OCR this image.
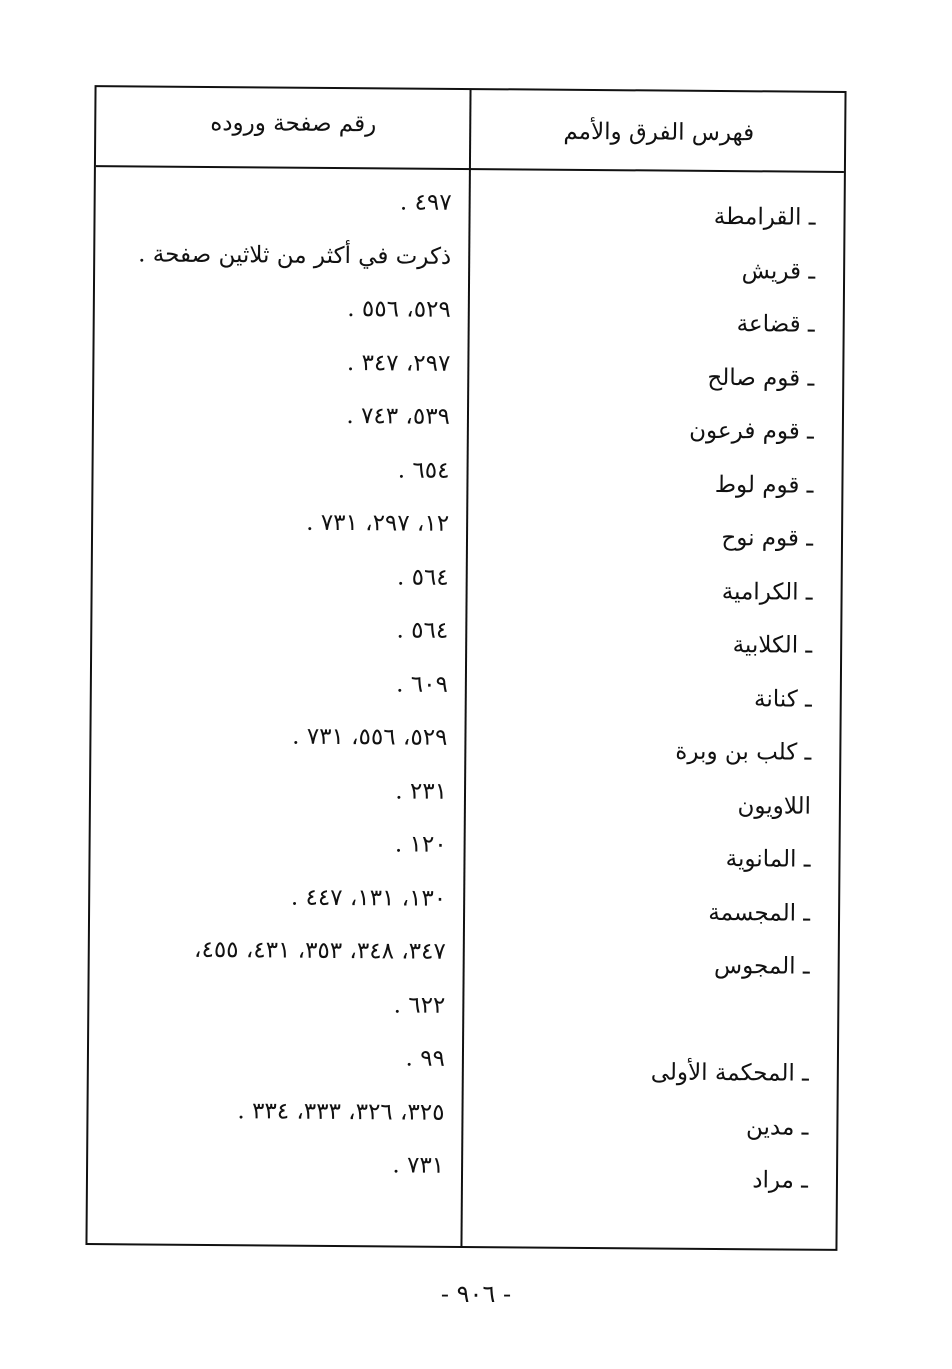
فهرس الفرق والأمم
رقم صفحة وروده
ـ القرامطة
٤٩٧ .
ـ قريش
ذكرت في أكثر من ثلاثين صفحة .
ـ قضاعة
٥٢٩، ٥٥٦ .
ـ قوم صالح
٢٩٧، ٣٤٧ .
ـ قوم فرعون
٥٣٩، ٧٤٣ .
ـ قوم لوط
٦٥٤ .
ـ قوم نوح
١٢، ٢٩٧، ٧٣١ .
ـ الكرامية
٥٦٤ .
ـ الكلابية
٥٦٤ .
ـ كنانة
٦٠٩ .
ـ كلب بن وبرة
٥٢٩، ٥٥٦، ٧٣١ .
اللاويون
٢٣١ .
ـ المانوية
١٢٠ .
ـ المجسمة
١٣٠، ١٣١، ٤٤٧ .
ـ المجوس
٣٤٧، ٣٤٨، ٣٥٣، ٤٣١، ٤٥٥،
٦٢٢ .
ـ المحكمة الأولى
٩٩ .
ـ مدين
٣٢٥، ٣٢٦، ٣٣٣، ٣٣٤ .
ـ مراد
٧٣١ .
- ٩٠٦ -
